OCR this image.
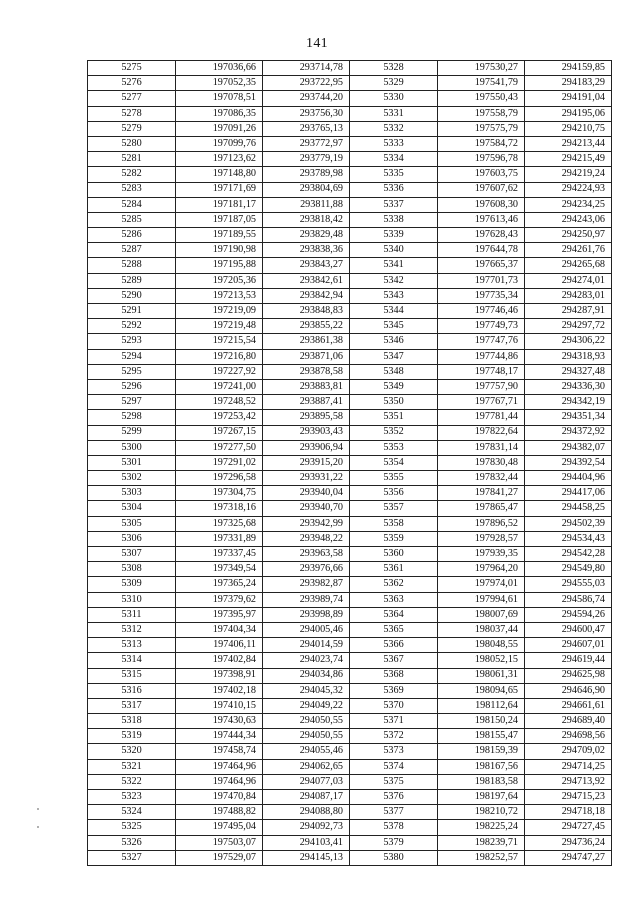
141
5275	197036,66	293714,78	5328	197530,27	294159,85
5276	197052,35	293722,95	5329	197541,79	294183,29
5277	197078,51	293744,20	5330	197550,43	294191,04
5278	197086,35	293756,30	5331	197558,79	294195,06
5279	197091,26	293765,13	5332	197575,79	294210,75
5280	197099,76	293772,97	5333	197584,72	294213,44
5281	197123,62	293779,19	5334	197596,78	294215,49
5282	197148,80	293789,98	5335	197603,75	294219,24
5283	197171,69	293804,69	5336	197607,62	294224,93
5284	197181,17	293811,88	5337	197608,30	294234,25
5285	197187,05	293818,42	5338	197613,46	294243,06
5286	197189,55	293829,48	5339	197628,43	294250,97
5287	197190,98	293838,36	5340	197644,78	294261,76
5288	197195,88	293843,27	5341	197665,37	294265,68
5289	197205,36	293842,61	5342	197701,73	294274,01
5290	197213,53	293842,94	5343	197735,34	294283,01
5291	197219,09	293848,83	5344	197746,46	294287,91
5292	197219,48	293855,22	5345	197749,73	294297,72
5293	197215,54	293861,38	5346	197747,76	294306,22
5294	197216,80	293871,06	5347	197744,86	294318,93
5295	197227,92	293878,58	5348	197748,17	294327,48
5296	197241,00	293883,81	5349	197757,90	294336,30
5297	197248,52	293887,41	5350	197767,71	294342,19
5298	197253,42	293895,58	5351	197781,44	294351,34
5299	197267,15	293903,43	5352	197822,64	294372,92
5300	197277,50	293906,94	5353	197831,14	294382,07
5301	197291,02	293915,20	5354	197830,48	294392,54
5302	197296,58	293931,22	5355	197832,44	294404,96
5303	197304,75	293940,04	5356	197841,27	294417,06
5304	197318,16	293940,70	5357	197865,47	294458,25
5305	197325,68	293942,99	5358	197896,52	294502,39
5306	197331,89	293948,22	5359	197928,57	294534,43
5307	197337,45	293963,58	5360	197939,35	294542,28
5308	197349,54	293976,66	5361	197964,20	294549,80
5309	197365,24	293982,87	5362	197974,01	294555,03
5310	197379,62	293989,74	5363	197994,61	294586,74
5311	197395,97	293998,89	5364	198007,69	294594,26
5312	197404,34	294005,46	5365	198037,44	294600,47
5313	197406,11	294014,59	5366	198048,55	294607,01
5314	197402,84	294023,74	5367	198052,15	294619,44
5315	197398,91	294034,86	5368	198061,31	294625,98
5316	197402,18	294045,32	5369	198094,65	294646,90
5317	197410,15	294049,22	5370	198112,64	294661,61
5318	197430,63	294050,55	5371	198150,24	294689,40
5319	197444,34	294050,55	5372	198155,47	294698,56
5320	197458,74	294055,46	5373	198159,39	294709,02
5321	197464,96	294062,65	5374	198167,56	294714,25
5322	197464,96	294077,03	5375	198183,58	294713,92
5323	197470,84	294087,17	5376	198197,64	294715,23
5324	197488,82	294088,80	5377	198210,72	294718,18
5325	197495,04	294092,73	5378	198225,24	294727,45
5326	197503,07	294103,41	5379	198239,71	294736,24
5327	197529,07	294145,13	5380	198252,57	294747,27
